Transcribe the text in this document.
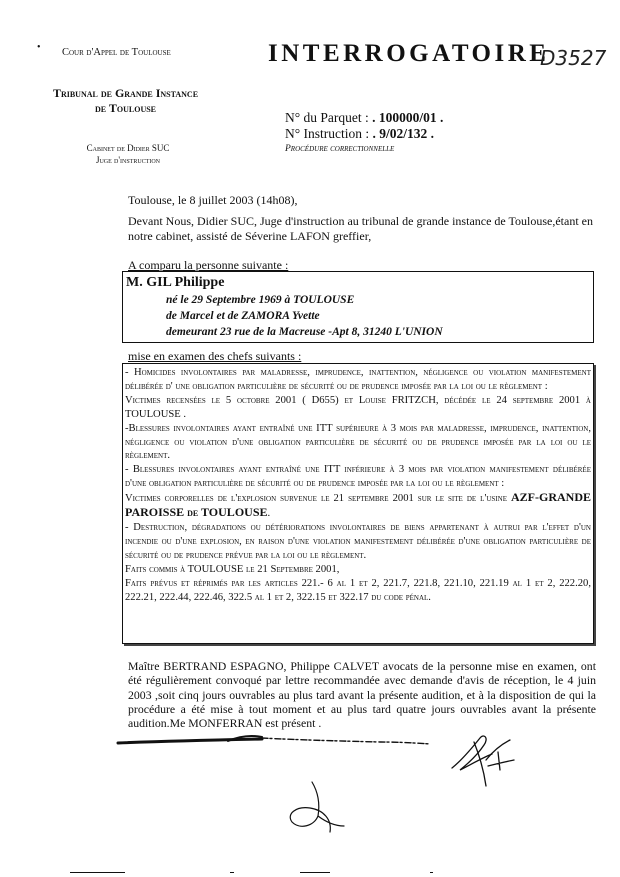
• Cour d'Appel de Toulouse	INTERROGATOIRE
D3527
Tribunal de Grande Instance
de Toulouse
N° du Parquet : . 100000/01 .
N° Instruction : . 9/02/132 .
Procédure correctionnelle
Cabinet de Didier SUC
Juge d'instruction
Toulouse, le 8 juillet 2003 (14h08),
Devant Nous, Didier SUC, Juge d'instruction au tribunal de grande instance de Toulouse,étant en notre cabinet, assisté de Séverine LAFON greffier,
A comparu la personne suivante :
M. GIL Philippe
né le 29 Septembre 1969 à TOULOUSE
de Marcel et de ZAMORA Yvette
demeurant 23 rue de la Macreuse -Apt 8, 31240 L'UNION
mise en examen des chefs suivants :

- Homicides involontaires par maladresse, imprudence, inattention, négligence ou violation manifestement délibérée d' une obligation particulière de sécurité ou de prudence imposée par la loi ou le règlement :

Victimes recensées le 5 octobre 2001 ( D655) et Louise FRITZCH, décédée le 24 septembre 2001 à TOULOUSE .

-Blessures involontaires ayant entraîné une ITT supérieure à 3 mois par maladresse, imprudence, inattention, négligence ou violation d'une obligation particulière de sécurité ou de prudence imposée par la loi ou le règlement.

- Blessures involontaires ayant entraîné une ITT inférieure à 3 mois par violation manifestement délibérée d'une obligation particulière de sécurité ou de prudence imposée par la loi ou le règlement :

Victimes corporelles de l'explosion survenue le 21 septembre 2001 sur le site de l'usine AZF-GRANDE PAROISSE de TOULOUSE.

- Destruction, dégradations ou détériorations involontaires de biens appartenant à autrui par l'effet d'un incendie ou d'une explosion, en raison d'une violation manifestement délibérée d'une obligation particulière de sécurité ou de prudence prévue par la loi ou le règlement.

Faits commis à TOULOUSE le 21 Septembre 2001,

Faits prévus et réprimés par les articles 221.- 6 al 1 et 2, 221.7, 221.8, 221.10, 221.19 al 1 et 2, 222.20, 222.21, 222.44, 222.46, 322.5 al 1 et 2, 322.15 et 322.17 du code pénal.

Maître BERTRAND ESPAGNO, Philippe CALVET avocats de la personne mise en examen, ont été régulièrement convoqué par lettre recommandée avec demande d'avis de réception, le 4 juin 2003 ,soit cinq jours ouvrables au plus tard avant la présente audition, et à la disposition de qui la procédure a été mise à tout moment et au plus tard quatre jours ouvrables avant la présente audition.Me MONFERRAN est présent .
